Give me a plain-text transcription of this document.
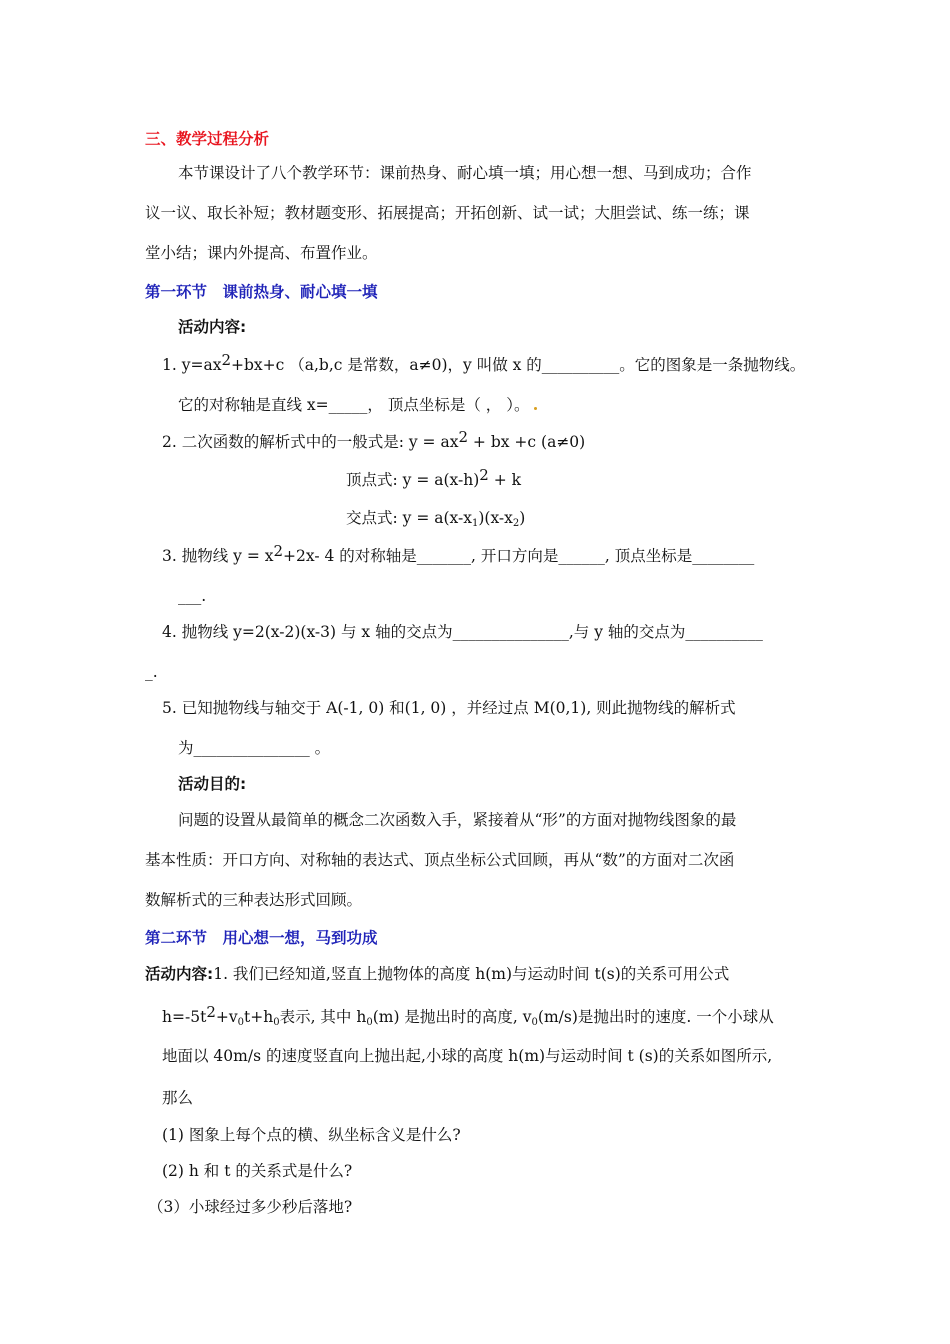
三、教学过程分析
本节课设计了八个教学环节：课前热身、耐心填一填；用心想一想、马到成功；合作
议一议、取长补短；教材题变形、拓展提高；开拓创新、试一试；大胆尝试、练一练；课
堂小结；课内外提高、布置作业。
第一环节　课前热身、耐心填一填
活动内容:
1. y=ax2+bx+c （a,b,c 是常数，a≠0)，y 叫做 x 的__________。它的图象是一条抛物线。
它的对称轴是直线 x=_____， 顶点坐标是（ ， ）。
2. 二次函数的解析式中的一般式是: y = ax2 + bx +c (a≠0)
顶点式: y = a(x-h)2 + k
交点式: y = a(x-x1)(x-x2)
3. 抛物线 y = x2+2x- 4 的对称轴是_______, 开口方向是______, 顶点坐标是________
___.
4. 抛物线 y=2(x-2)(x-3) 与 x 轴的交点为_______________,与 y 轴的交点为__________
_.
5. 已知抛物线与轴交于 A(-1, 0) 和(1, 0) ，并经过点 M(0,1), 则此抛物线的解析式
为_______________ 。
活动目的:
问题的设置从最简单的概念二次函数入手，紧接着从“形”的方面对抛物线图象的最
基本性质：开口方向、对称轴的表达式、顶点坐标公式回顾，再从“数”的方面对二次函
数解析式的三种表达形式回顾。
第二环节　用心想一想，马到功成
活动内容:1. 我们已经知道,竖直上抛物体的高度 h(m)与运动时间 t(s)的关系可用公式
h=-5t2+v0t+h0表示, 其中 h0(m) 是抛出时的高度, v0(m/s)是抛出时的速度. 一个小球从
地面以 40m/s 的速度竖直向上抛出起,小球的高度 h(m)与运动时间 t (s)的关系如图所示,
那么
(1) 图象上每个点的横、纵坐标含义是什么?
(2) h 和 t 的关系式是什么?
（3）小球经过多少秒后落地?
